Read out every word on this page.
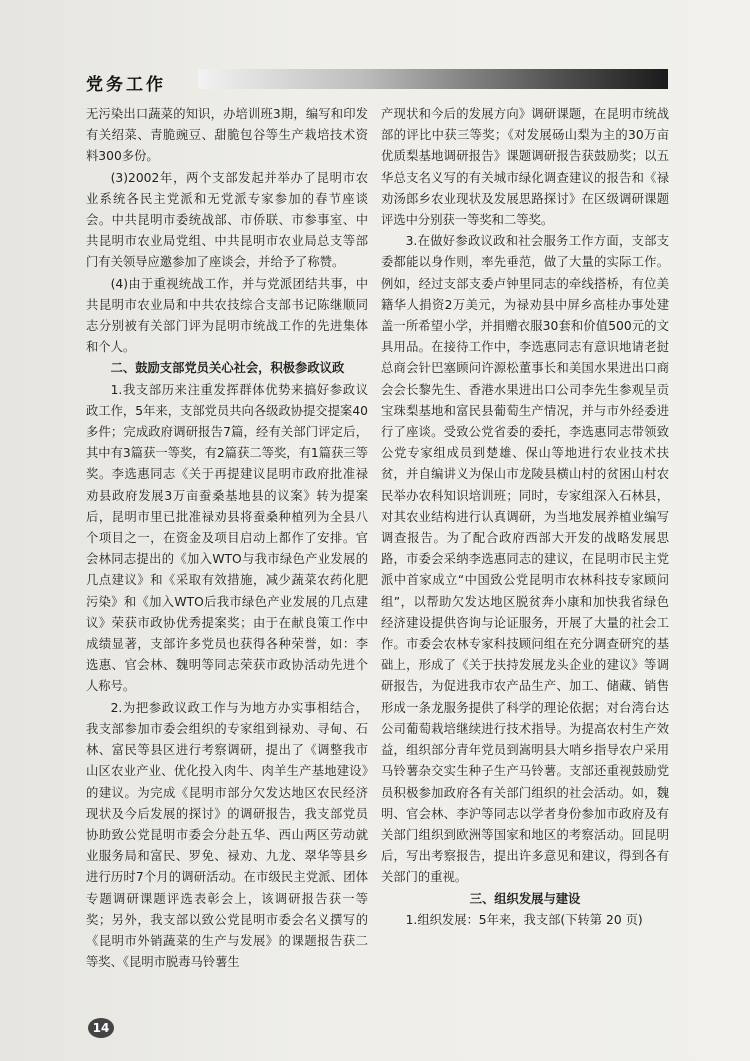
党务工作

无污染出口蔬菜的知识，办培训班3期，编写和印发有关绍菜、青脆豌豆、甜脆包谷等生产栽培技术资料300多份。

(3)2002年，两个支部发起并举办了昆明市农业系统各民主党派和无党派专家参加的春节座谈会。中共昆明市委统战部、市侨联、市参事室、中共昆明市农业局党组、中共昆明市农业局总支等部门有关领导应邀参加了座谈会，并给予了称赞。

(4)由于重视统战工作，并与党派团结共事，中共昆明市农业局和中共农技综合支部书记陈继顺同志分别被有关部门评为昆明市统战工作的先进集体和个人。

二、鼓励支部党员关心社会，积极参政议政

1.我支部历来注重发挥群体优势来搞好参政议政工作，5年来，支部党员共向各级政协提交提案40多件；完成政府调研报告7篇，经有关部门评定后，其中有3篇获一等奖，有2篇获二等奖，有1篇获三等奖。李选惠同志《关于再提建议昆明市政府批准禄劝县政府发展3万亩蚕桑基地县的议案》转为提案后，昆明市里已批准禄劝县将蚕桑种植列为全县八个项目之一，在资金及项目启动上都作了安排。官会林同志提出的《加入WTO与我市绿色产业发展的几点建议》和《采取有效措施，减少蔬菜农药化肥污染》和《加入WTO后我市绿色产业发展的几点建议》荣获市政协优秀提案奖；由于在献良策工作中成绩显著，支部许多党员也获得各种荣誉，如：李选惠、官会林、魏明等同志荣获市政协活动先进个人称号。

2.为把参政议政工作与为地方办实事相结合，我支部参加市委会组织的专家组到禄劝、寻甸、石林、富民等县区进行考察调研，提出了《调整我市山区农业产业、优化投入肉牛、肉羊生产基地建设》的建议。为完成《昆明市部分欠发达地区农民经济现状及今后发展的探讨》的调研报告，我支部党员协助致公党昆明市委会分赴五华、西山两区劳动就业服务局和富民、罗免、禄劝、九龙、翠华等县乡进行历时7个月的调研活动。在市级民主党派、团体专题调研课题评选表彰会上，该调研报告获一等奖；另外，我支部以致公党昆明市委会名义撰写的《昆明市外销蔬菜的生产与发展》的课题报告获二等奖、《昆明市脱毒马铃薯生

产现状和今后的发展方向》调研课题，在昆明市统战部的评比中获三等奖；《对发展砀山梨为主的30万亩优质梨基地调研报告》课题调研报告获鼓励奖；以五华总支名义写的有关城市绿化调查建议的报告和《禄劝汤郎乡农业现状及发展思路探讨》在区级调研课题评选中分别获一等奖和二等奖。

3.在做好参政议政和社会服务工作方面，支部支委都能以身作则，率先垂范，做了大量的实际工作。例如，经过支部支委卢钟里同志的牵线搭桥，有位美籍华人捐资2万美元，为禄劝县中屏乡高桂办事处建盖一所希望小学，并捐赠衣服30套和价值500元的文具用品。在接待工作中，李选惠同志有意识地请老挝总商会针巴塞顾问许源松董事长和美国水果进出口商会会长黎先生、香港水果进出口公司李先生参观呈贡宝珠梨基地和富民县葡萄生产情况，并与市外经委进行了座谈。受致公党省委的委托，李选惠同志带领致公党专家组成员到楚雄、保山等地进行农业技术扶贫，并自编讲义为保山市龙陵县横山村的贫困山村农民举办农科知识培训班；同时，专家组深入石林县，对其农业结构进行认真调研，为当地发展养植业编写调查报告。为了配合政府西部大开发的战略发展思路，市委会采纳李选惠同志的建议，在昆明市民主党派中首家成立“中国致公党昆明市农林科技专家顾问组”，以帮助欠发达地区脱贫奔小康和加快我省绿色经济建设提供咨询与论证服务，开展了大量的社会工作。市委会农林专家科技顾问组在充分调查研究的基础上，形成了《关于扶持发展龙头企业的建议》等调研报告，为促进我市农产品生产、加工、储藏、销售形成一条龙服务提供了科学的理论依据；对台湾台达公司葡萄栽培继续进行技术指导。为提高农村生产效益，组织部分青年党员到嵩明县大哨乡指导农户采用马铃薯杂交实生种子生产马铃薯。支部还重视鼓励党员积极参加政府各有关部门组织的社会活动。如，魏明、官会林、李沪等同志以学者身份参加市政府及有关部门组织到欧洲等国家和地区的考察活动。回昆明后，写出考察报告，提出许多意见和建议，得到各有关部门的重视。

三、组织发展与建设

1.组织发展：5年来，我支部(下转第 20 页)

14
